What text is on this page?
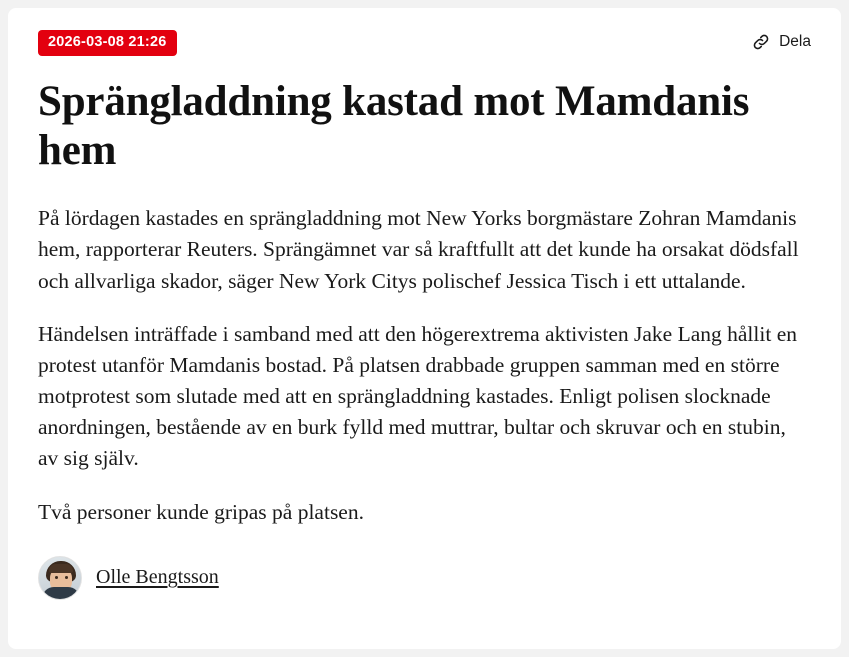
2026-03-08 21:26	Dela
Sprängladdning kastad mot Mamdanis hem

På lördagen kastades en sprängladdning mot New Yorks borgmästare Zohran Mamdanis hem, rapporterar Reuters. Sprängämnet var så kraftfullt att det kunde ha orsakat dödsfall och allvarliga skador, säger New York Citys polischef Jessica Tisch i ett uttalande.

Händelsen inträffade i samband med att den högerextrema aktivisten Jake Lang hållit en protest utanför Mamdanis bostad. På platsen drabbade gruppen samman med en större motprotest som slutade med att en sprängladdning kastades. Enligt polisen slocknade anordningen, bestående av en burk fylld med muttrar, bultar och skruvar och en stubin, av sig själv.

Två personer kunde gripas på platsen.

Olle Bengtsson
